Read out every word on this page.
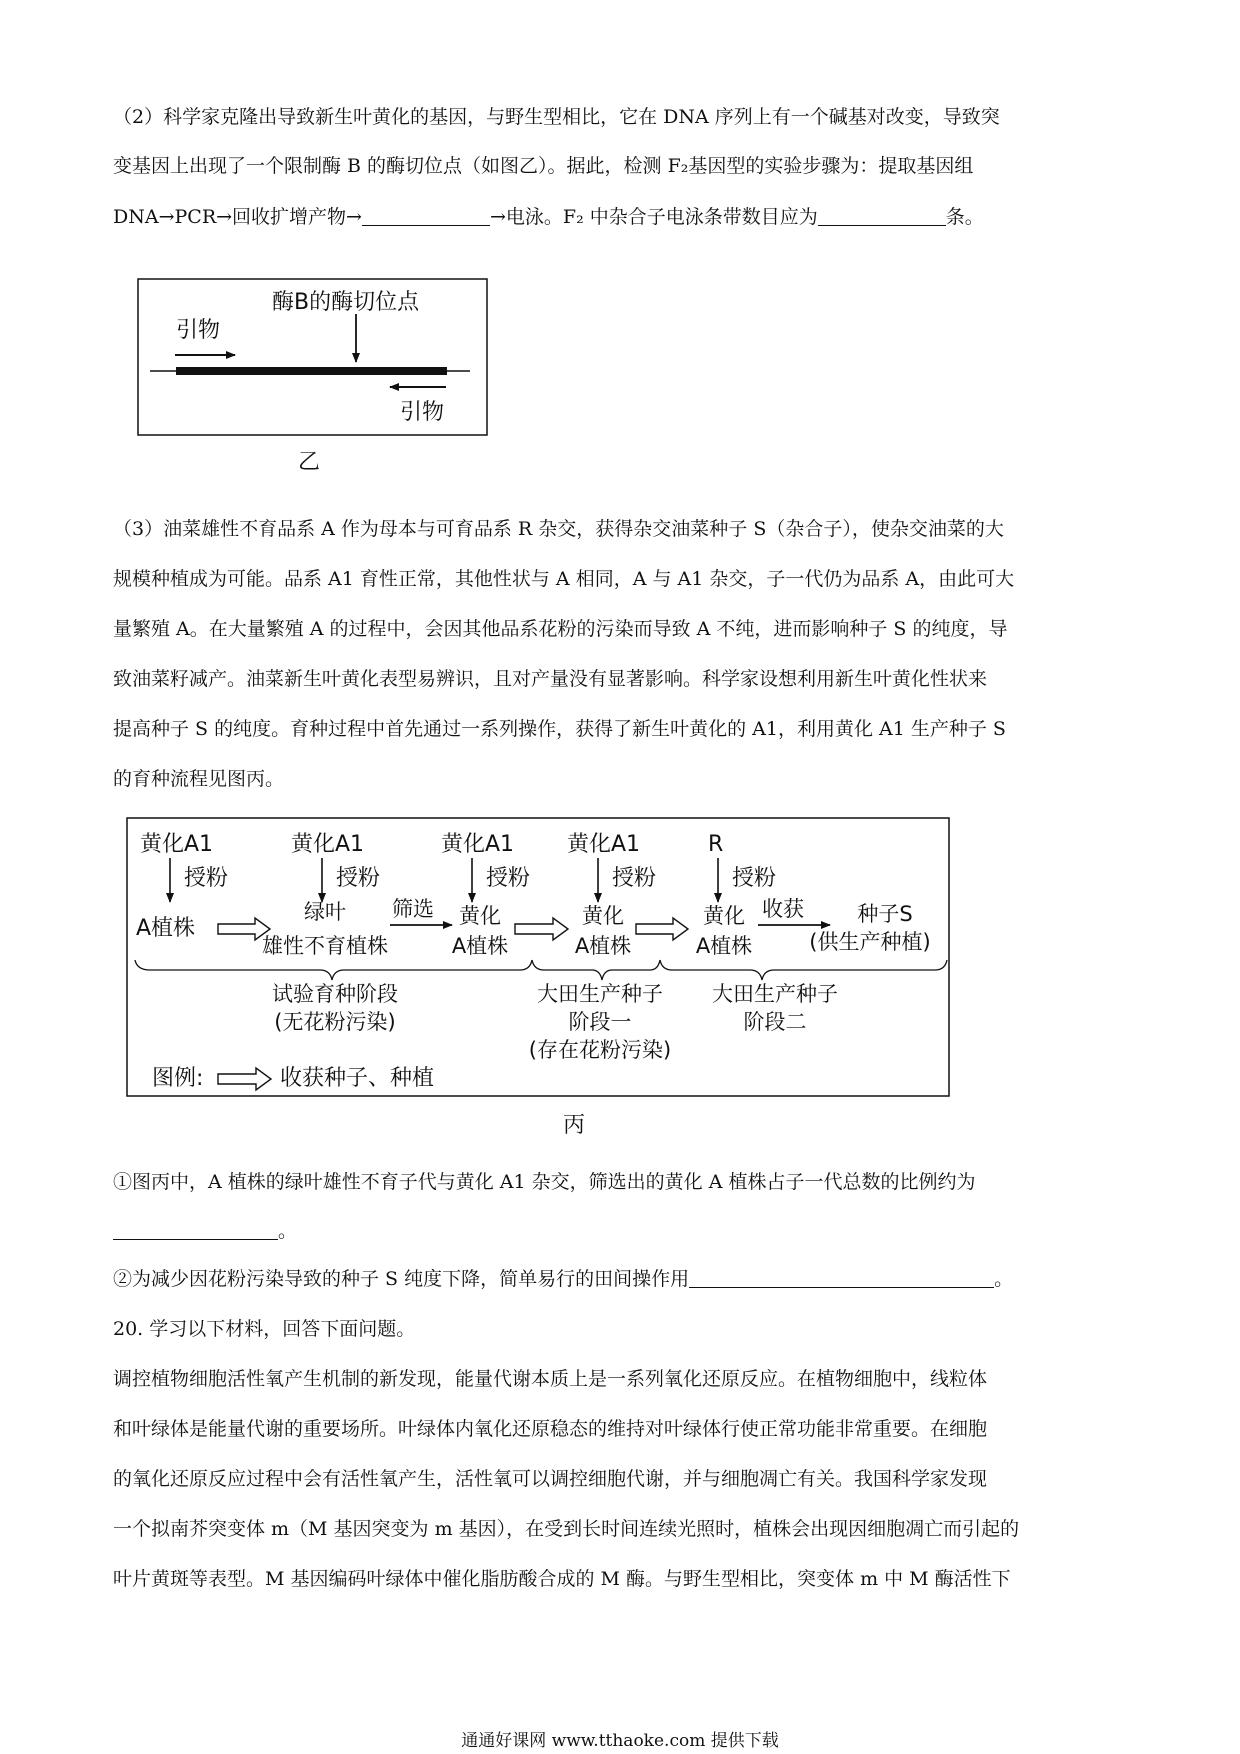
（2）科学家克隆出导致新生叶黄化的基因，与野生型相比，它在 DNA 序列上有一个碱基对改变，导致突
变基因上出现了一个限制酶 B 的酶切位点（如图乙）。据此，检测 F₂基因型的实验步骤为：提取基因组
DNA→PCR→回收扩增产物→	→电泳。F₂ 中杂合子电泳条带数目应为	条。
酶B的酶切位点
引物
引物
乙
（3）油菜雄性不育品系 A 作为母本与可育品系 R 杂交，获得杂交油菜种子 S（杂合子），使杂交油菜的大
规模种植成为可能。品系 A1 育性正常，其他性状与 A 相同，A 与 A1 杂交，子一代仍为品系 A，由此可大
量繁殖 A。在大量繁殖 A 的过程中，会因其他品系花粉的污染而导致 A 不纯，进而影响种子 S 的纯度，导
致油菜籽减产。油菜新生叶黄化表型易辨识，且对产量没有显著影响。科学家设想利用新生叶黄化性状来
提高种子 S 的纯度。育种过程中首先通过一系列操作，获得了新生叶黄化的 A1，利用黄化 A1 生产种子 S
的育种流程见图丙。
黄化A1	黄化A1	黄化A1 黄化A1	R
授粉	授粉	授粉	授粉	授粉
A植株
绿叶
雄性不育植株
筛选	黄化
A植株
黄化
A植株
黄化
A植株
收获	种子S
(供生产种植)
试验育种阶段
(无花粉污染)
大田生产种子
阶段一
(存在花粉污染)
大田生产种子
阶段二
图例:	收获种子、种植
丙
①图丙中，A 植株的绿叶雄性不育子代与黄化 A1 杂交，筛选出的黄化 A 植株占子一代总数的比例约为
。
②为减少因花粉污染导致的种子 S 纯度下降，简单易行的田间操作用	。
20. 学习以下材料，回答下面问题。
调控植物细胞活性氧产生机制的新发现，能量代谢本质上是一系列氧化还原反应。在植物细胞中，线粒体
和叶绿体是能量代谢的重要场所。叶绿体内氧化还原稳态的维持对叶绿体行使正常功能非常重要。在细胞
的氧化还原反应过程中会有活性氧产生，活性氧可以调控细胞代谢，并与细胞凋亡有关。我国科学家发现
一个拟南芥突变体 m（M 基因突变为 m 基因），在受到长时间连续光照时，植株会出现因细胞凋亡而引起的
叶片黄斑等表型。M 基因编码叶绿体中催化脂肪酸合成的 M 酶。与野生型相比，突变体 m 中 M 酶活性下
通通好课网 www.tthaoke.com 提供下载
